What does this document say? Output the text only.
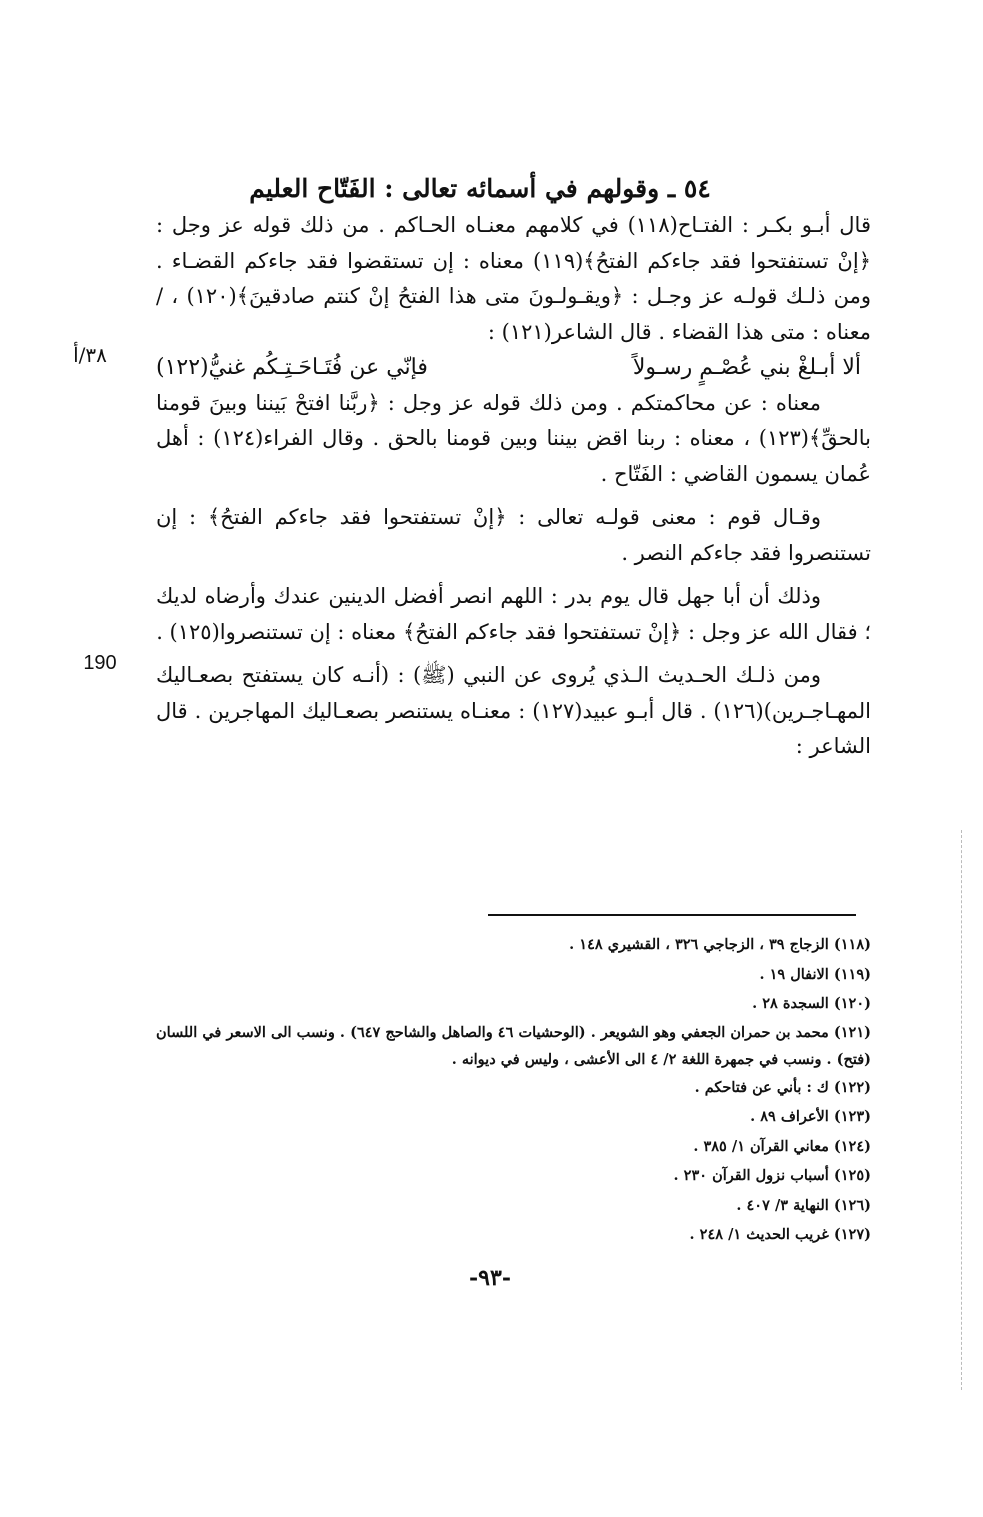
٥٤ ـ وقولهم في أسمائه تعالى : الفَتّاح العليم

قال أبـو بكـر : الفتـاح(١١٨) في كلامهم معنـاه الحـاكم . من ذلك قوله عز وجل : ﴿إنْ تستفتحوا فقد جاءكم الفتحُ﴾(١١٩) معناه : إن تستقضوا فقد جاءكم القضـاء . ومن ذلـك قولـه عز وجـل : ﴿ويقـولـونَ متى هذا الفتحُ إنْ كنتم صادقينَ﴾(١٢٠) ، / معناه : متى هذا القضاء . قال الشاعر(١٢١) :

ألا أبـلغْ بني عُصْـمٍ رسـولاً
فإنّي عن فُتَـاحَـتِـكُم غنيُّ(١٢٢)

معناه : عن محاكمتكم . ومن ذلك قوله عز وجل : ﴿ربَّنا افتحْ بَيننا وبينَ قومنا بالحقِّ﴾(١٢٣) ، معناه : ربنا اقض بيننا وبين قومنا بالحق . وقال الفراء(١٢٤) : أهل عُمان يسمون القاضي : الفَتّاح .

وقـال قوم : معنى قولـه تعالى : ﴿إنْ تستفتحوا فقد جاءكم الفتحُ﴾ : إن تستنصروا فقد جاءكم النصر .

وذلك أن أبا جهل قال يوم بدر : اللهم انصر أفضل الدينين عندك وأرضاه لديك ؛ فقال الله عز وجل : ﴿إنْ تستفتحوا فقد جاءكم الفتحُ﴾ معناه : إن تستنصروا(١٢٥) .

ومن ذلـك الحـديث الـذي يُروى عن النبي (ﷺ) : (أنـه كان يستفتح بصعـاليك المهـاجـرين)(١٢٦) . قال أبـو عبيد(١٢٧) : معنـاه يستنصر بصعـاليك المهاجرين . قال الشاعر :

٣٨/أ
190
(١١٨) الزجاج ٣٩ ، الزجاجي ٣٢٦ ، القشيري ١٤٨ .
(١١٩) الانفال ١٩ .
(١٢٠) السجدة ٢٨ .
(١٢١) محمد بن حمران الجعفي وهو الشويعر . (الوحشيات ٤٦ والصاهل والشاحج ٦٤٧) . ونسب الى الاسعر في اللسان (فتح) . ونسب في جمهرة اللغة ٢/ ٤ الى الأعشى ، وليس في ديوانه .
(١٢٢) ك : بأني عن فتاحكم .
(١٢٣) الأعراف ٨٩ .
(١٢٤) معاني القرآن ١/ ٣٨٥ .
(١٢٥) أسباب نزول القرآن ٢٣٠ .
(١٢٦) النهاية ٣/ ٤٠٧ .
(١٢٧) غريب الحديث ١/ ٢٤٨ .
-٩٣-
